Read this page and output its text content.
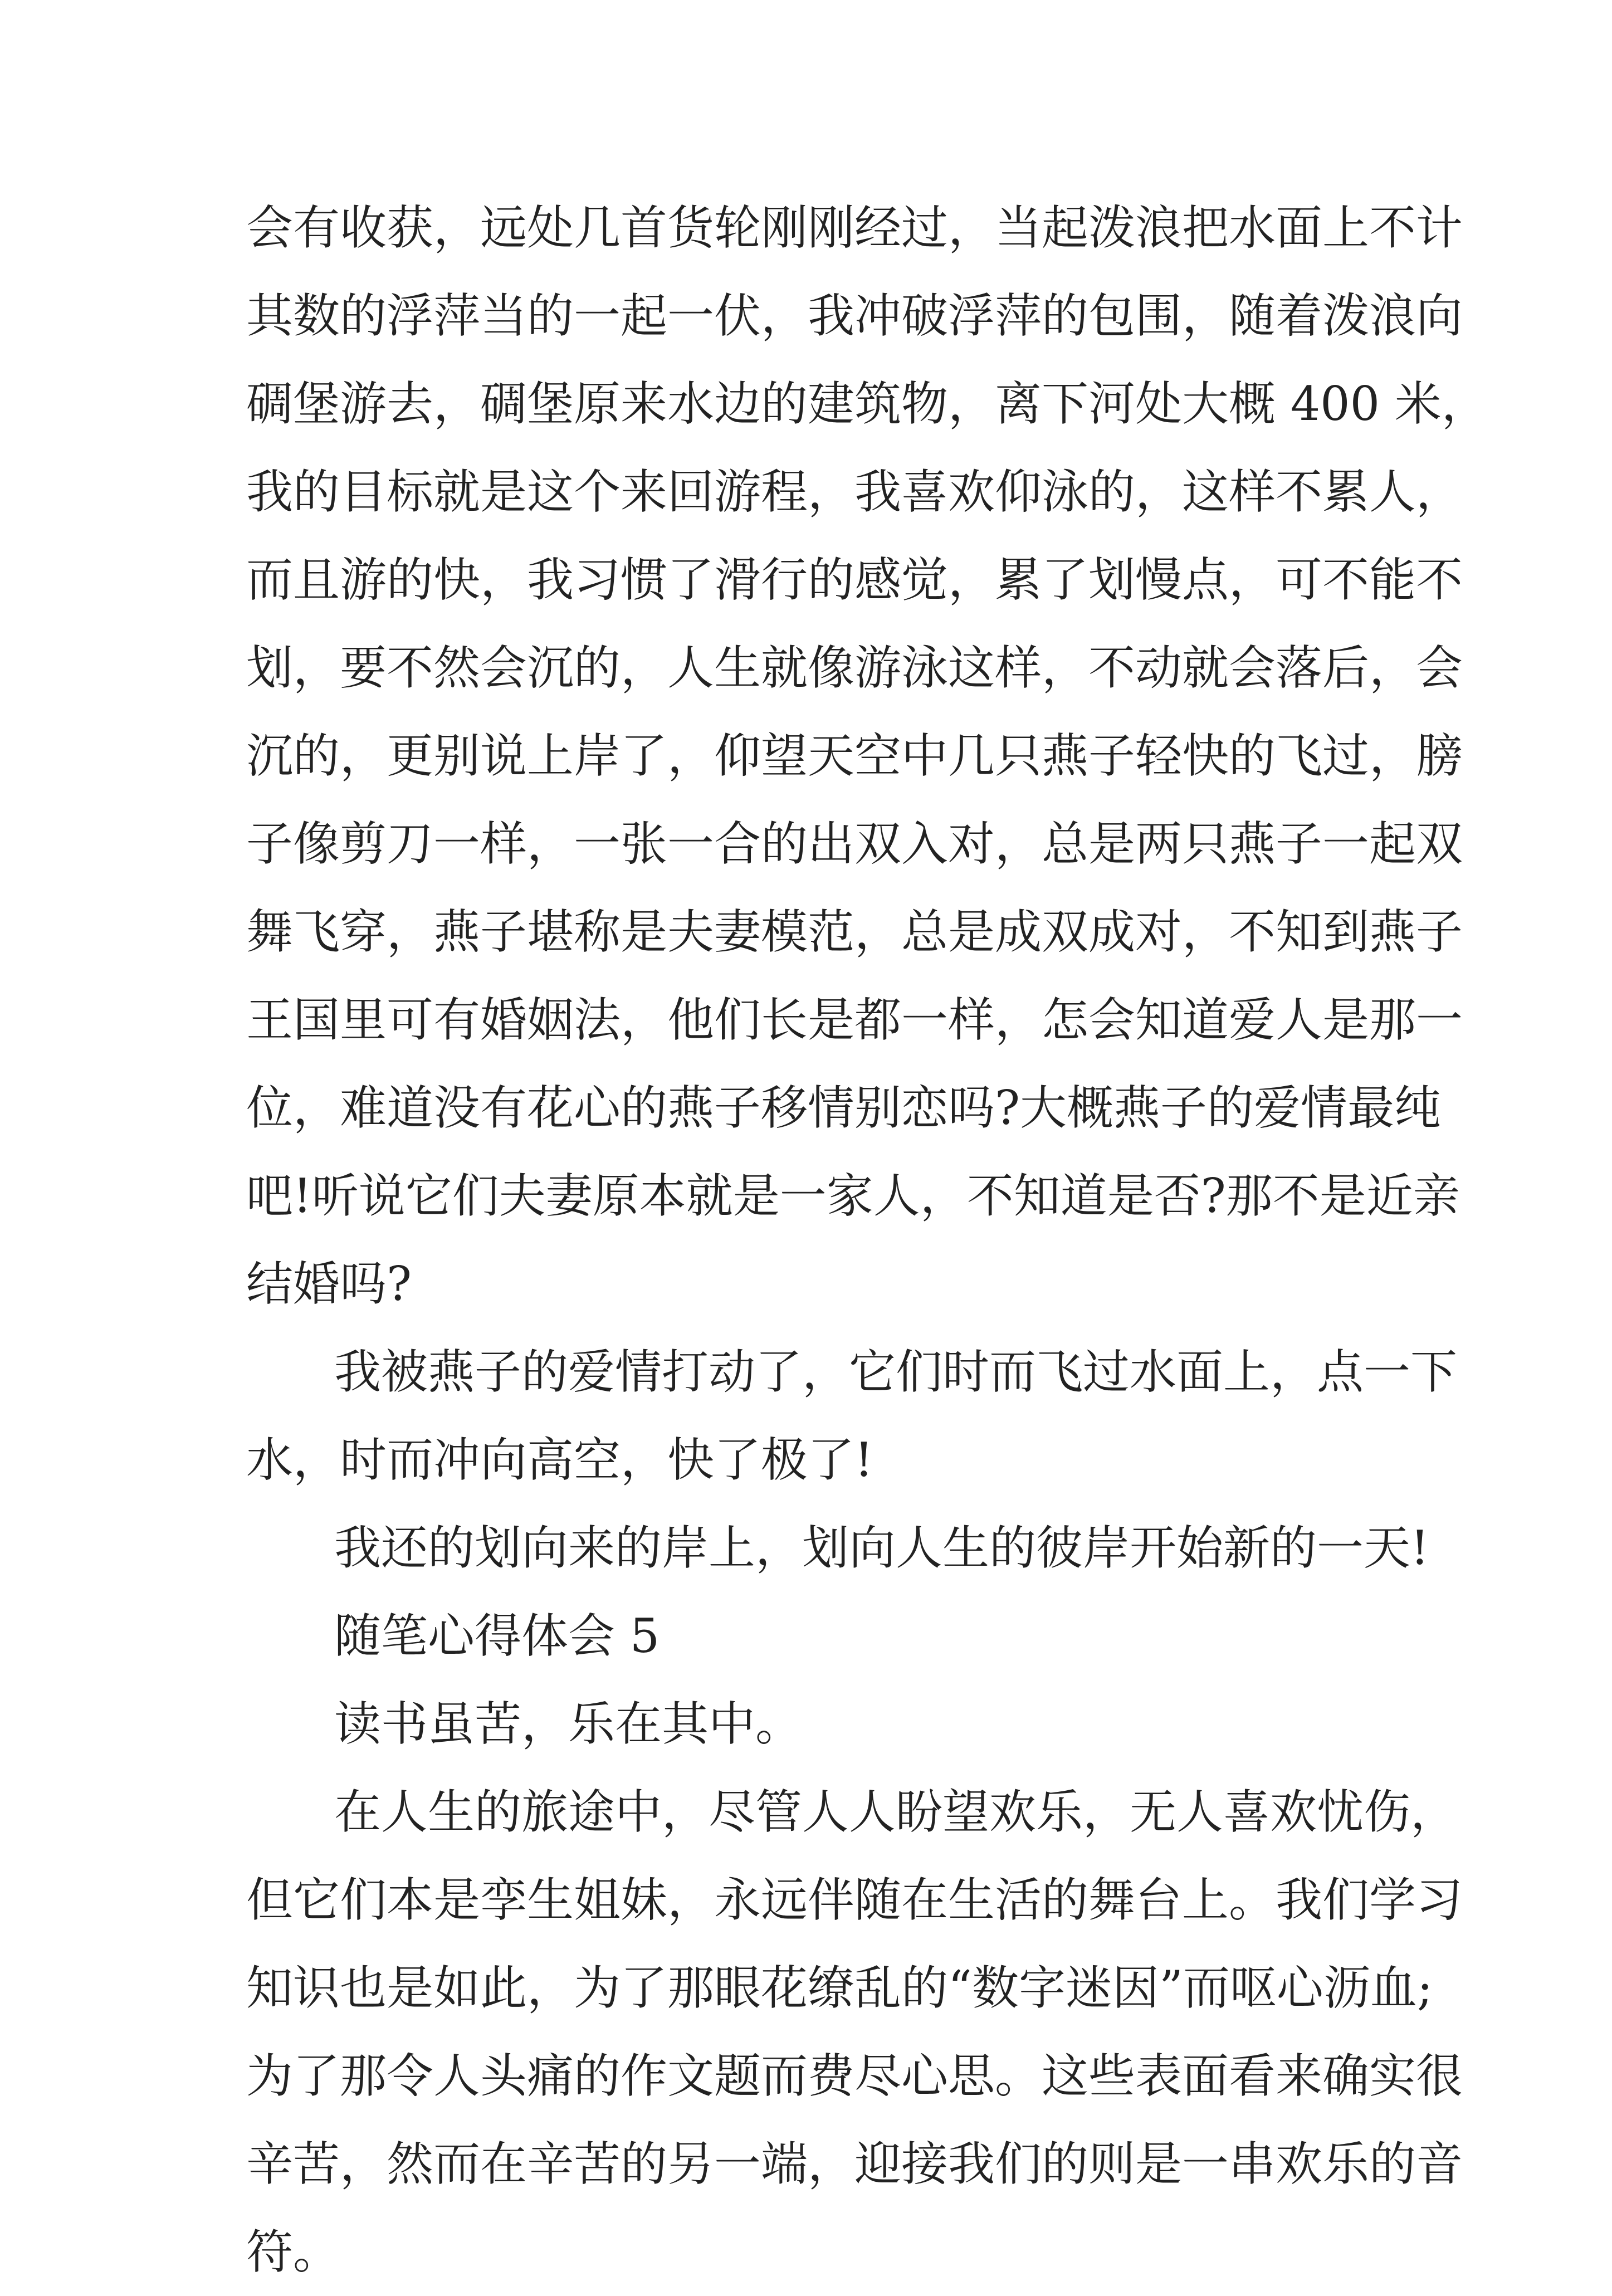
会有收获，远处几首货轮刚刚经过，当起泼浪把水面上不计
其数的浮萍当的一起一伏，我冲破浮萍的包围，随着泼浪向
碉堡游去，碉堡原来水边的建筑物，离下河处大概 400 米，
我的目标就是这个来回游程，我喜欢仰泳的，这样不累人，
而且游的快，我习惯了滑行的感觉，累了划慢点，可不能不
划，要不然会沉的，人生就像游泳这样，不动就会落后，会
沉的，更别说上岸了，仰望天空中几只燕子轻快的飞过，膀
子像剪刀一样，一张一合的出双入对，总是两只燕子一起双
舞飞穿，燕子堪称是夫妻模范，总是成双成对，不知到燕子
王国里可有婚姻法，他们长是都一样，怎会知道爱人是那一
位，难道没有花心的燕子移情别恋吗?大概燕子的爱情最纯
吧!听说它们夫妻原本就是一家人，不知道是否?那不是近亲
结婚吗?
我被燕子的爱情打动了，它们时而飞过水面上，点一下
水，时而冲向高空，快了极了!
我还的划向来的岸上，划向人生的彼岸开始新的一天!
随笔心得体会 5
读书虽苦，乐在其中。
在人生的旅途中，尽管人人盼望欢乐，无人喜欢忧伤，
但它们本是孪生姐妹，永远伴随在生活的舞台上。我们学习
知识也是如此，为了那眼花缭乱的“数字迷因”而呕心沥血;
为了那令人头痛的作文题而费尽心思。这些表面看来确实很
辛苦，然而在辛苦的另一端，迎接我们的则是一串欢乐的音
符。
